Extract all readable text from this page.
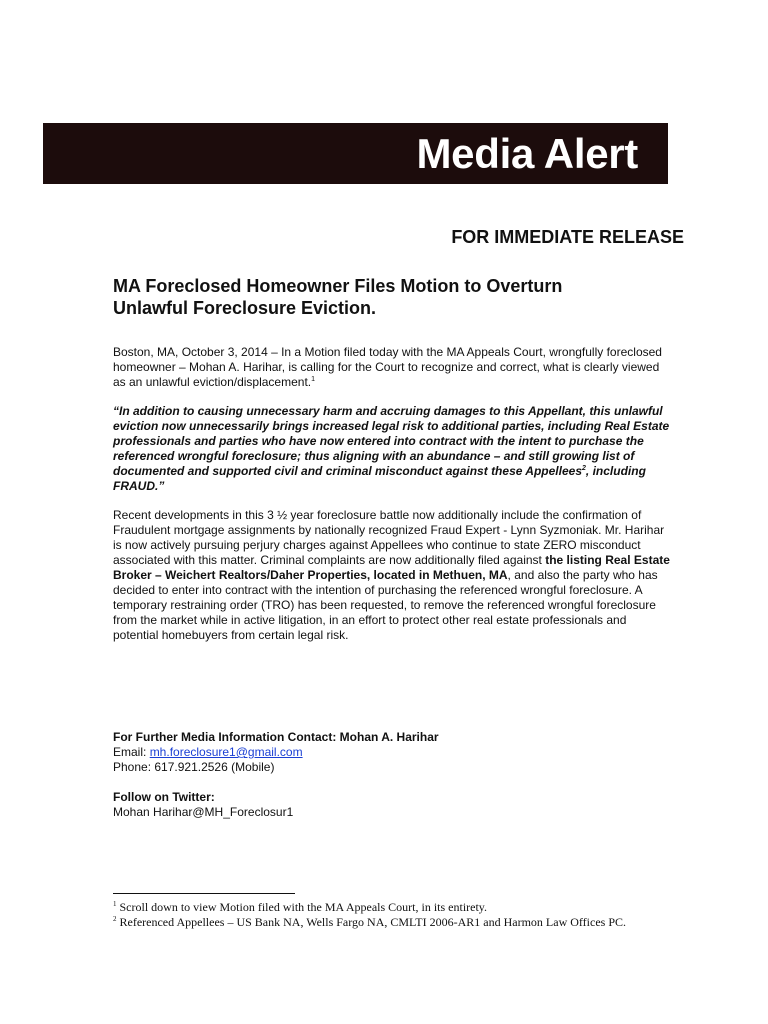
Media Alert
FOR IMMEDIATE RELEASE
MA Foreclosed Homeowner Files Motion to Overturn
Unlawful Foreclosure Eviction.
Boston, MA, October 3, 2014 – In a Motion filed today with the MA Appeals Court, wrongfully foreclosed homeowner – Mohan A. Harihar, is calling for the Court to recognize and correct, what is clearly viewed as an unlawful eviction/displacement.$^1$
“In addition to causing unnecessary harm and accruing damages to this Appellant, this unlawful eviction now unnecessarily brings increased legal risk to additional parties, including Real Estate professionals and parties who have now entered into contract with the intent to purchase the referenced wrongful foreclosure; thus aligning with an abundance – and still growing list of documented and supported civil and criminal misconduct against these Appellees$^2$, including FRAUD.”
Recent developments in this 3 ½ year foreclosure battle now additionally include the confirmation of Fraudulent mortgage assignments by nationally recognized Fraud Expert - Lynn Syzmoniak. Mr. Harihar is now actively pursuing perjury charges against Appellees who continue to state ZERO misconduct associated with this matter. Criminal complaints are now additionally filed against the listing Real Estate Broker – Weichert Realtors/Daher Properties, located in Methuen, MA, and also the party who has decided to enter into contract with the intention of purchasing the referenced wrongful foreclosure. A temporary restraining order (TRO) has been requested, to remove the referenced wrongful foreclosure from the market while in active litigation, in an effort to protect other real estate professionals and potential homebuyers from certain legal risk.
For Further Media Information Contact: Mohan A. Harihar
Email: mh.foreclosure1@gmail.com
Phone: 617.921.2526 (Mobile)
Follow on Twitter:
Mohan Harihar@MH_Foreclosur1
$^1$ Scroll down to view Motion filed with the MA Appeals Court, in its entirety.
$^2$ Referenced Appellees – US Bank NA, Wells Fargo NA, CMLTI 2006-AR1 and Harmon Law Offices PC.
